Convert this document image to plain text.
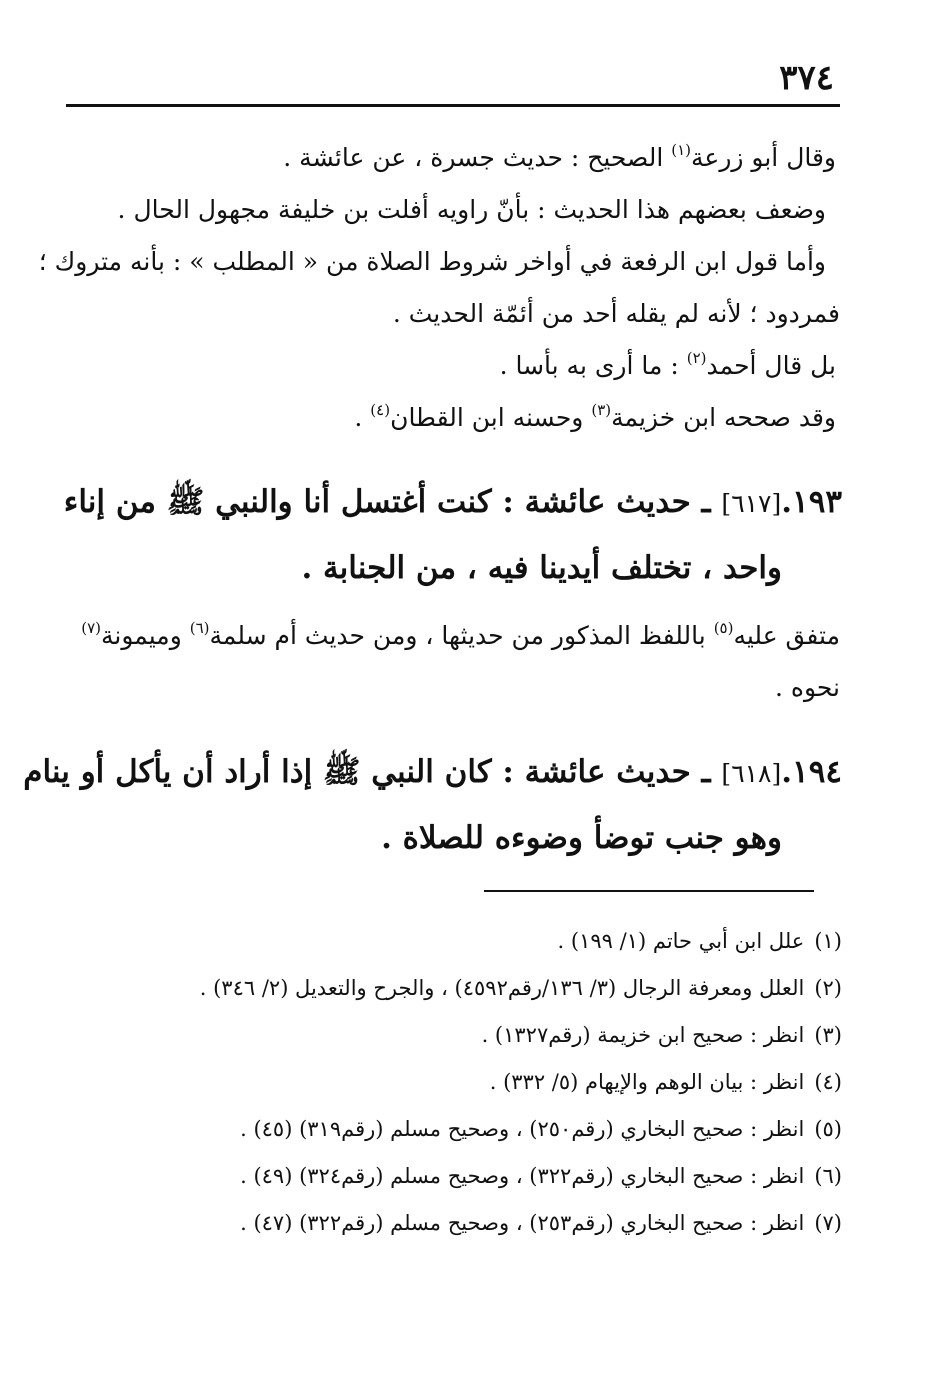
٣٧٤
وقال أبو زرعة$^{(١)}$ الصحيح : حديث جسرة ، عن عائشة .
وضعف بعضهم هذا الحديث : بأنّ راويه أفلت بن خليفة مجهول الحال .
وأما قول ابن الرفعة في أواخر شروط الصلاة من « المطلب » : بأنه متروك ؛
فمردود ؛ لأنه لم يقله أحد من أئمّة الحديث .
بل قال أحمد$^{(٢)}$ : ما أرى به بأسا .
وقد صححه ابن خزيمة$^{(٣)}$ وحسنه ابن القطان$^{(٤)}$ .
١٩٣.[٦١٧] ـ حديث عائشة : كنت أغتسل أنا والنبي ﷺ من إناء
واحد ، تختلف أيدينا فيه ، من الجنابة .
متفق عليه$^{(٥)}$ باللفظ المذكور من حديثها ، ومن حديث أم سلمة$^{(٦)}$ وميمونة$^{(٧)}$
نحوه .
١٩٤.[٦١٨] ـ حديث عائشة : كان النبي ﷺ إذا أراد أن يأكل أو ينام
وهو جنب توضأ وضوءه للصلاة .
(١)علل ابن أبي حاتم (١/ ١٩٩) .
(٢)العلل ومعرفة الرجال (٣/ ١٣٦/رقم٤٥٩٢) ، والجرح والتعديل (٢/ ٣٤٦) .
(٣)انظر : صحيح ابن خزيمة (رقم١٣٢٧) .
(٤)انظر : بيان الوهم والإيهام (٥/ ٣٣٢) .
(٥)انظر : صحيح البخاري (رقم٢٥٠) ، وصحيح مسلم (رقم٣١٩) (٤٥) .
(٦)انظر : صحيح البخاري (رقم٣٢٢) ، وصحيح مسلم (رقم٣٢٤) (٤٩) .
(٧)انظر : صحيح البخاري (رقم٢٥٣) ، وصحيح مسلم (رقم٣٢٢) (٤٧) .
